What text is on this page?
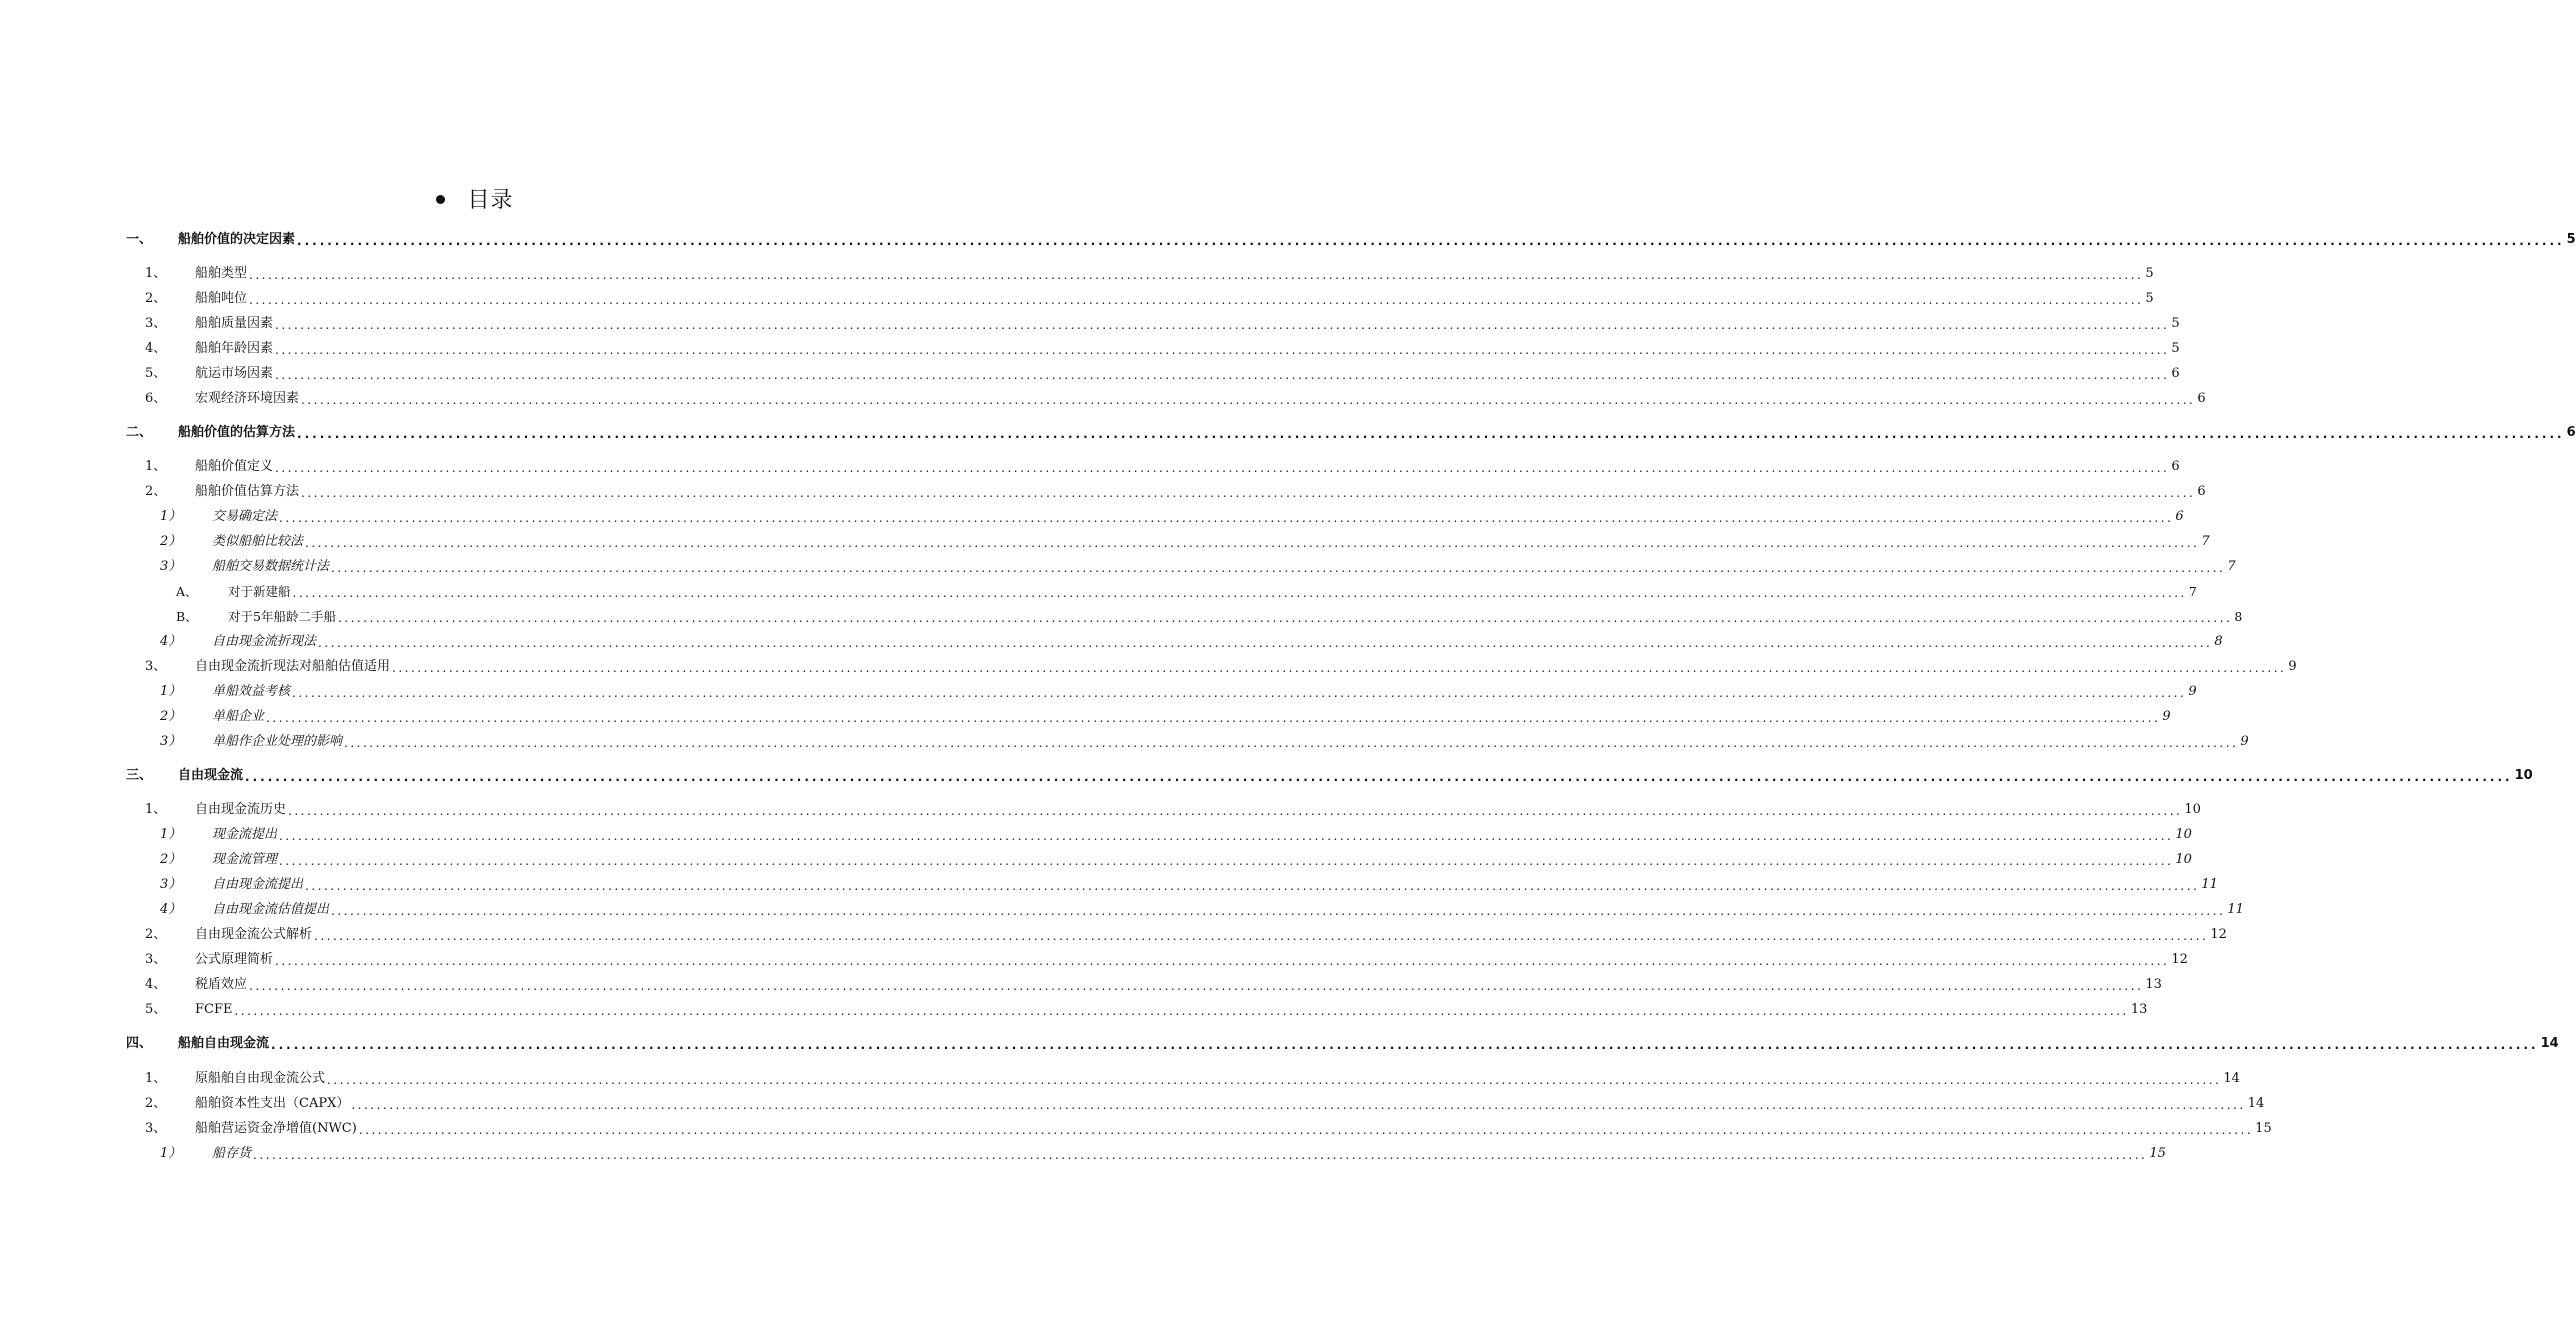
目录
一、	船舶价值的决定因素 ............................................................................................................................................................................................................................................................................................................ 5
1、	船舶类型 ............................................................................................................................................................................................................................................................................................................ 5
2、	船舶吨位 ............................................................................................................................................................................................................................................................................................................ 5
3、	船舶质量因素 ............................................................................................................................................................................................................................................................................................................ 5
4、	船舶年龄因素 ............................................................................................................................................................................................................................................................................................................ 5
5、	航运市场因素 ............................................................................................................................................................................................................................................................................................................ 6
6、	宏观经济环境因素 ............................................................................................................................................................................................................................................................................................................ 6
二、	船舶价值的估算方法 ............................................................................................................................................................................................................................................................................................................ 6
1、	船舶价值定义 ............................................................................................................................................................................................................................................................................................................ 6
2、	船舶价值估算方法 ............................................................................................................................................................................................................................................................................................................ 6
1）	交易确定法 ............................................................................................................................................................................................................................................................................................................ 6
2）	类似船舶比较法 ............................................................................................................................................................................................................................................................................................................ 7
3）	船舶交易数据统计法 ............................................................................................................................................................................................................................................................................................................ 7
A、	对于新建船 ............................................................................................................................................................................................................................................................................................................ 7
B、	对于5年船龄二手船 ............................................................................................................................................................................................................................................................................................................ 8
4）	自由现金流折现法 ............................................................................................................................................................................................................................................................................................................ 8
3、	自由现金流折现法对船舶估值适用 ............................................................................................................................................................................................................................................................................................................ 9
1）	单船效益考核 ............................................................................................................................................................................................................................................................................................................ 9
2）	单船企业 ............................................................................................................................................................................................................................................................................................................ 9
3）	单船作企业处理的影响 ............................................................................................................................................................................................................................................................................................................ 9
三、	自由现金流 ............................................................................................................................................................................................................................................................................................................ 10
1、	自由现金流历史 ............................................................................................................................................................................................................................................................................................................ 10
1）	现金流提出 ............................................................................................................................................................................................................................................................................................................ 10
2）	现金流管理 ............................................................................................................................................................................................................................................................................................................ 10
3）	自由现金流提出 ............................................................................................................................................................................................................................................................................................................ 11
4）	自由现金流估值提出 ............................................................................................................................................................................................................................................................................................................ 11
2、	自由现金流公式解析 ............................................................................................................................................................................................................................................................................................................ 12
3、	公式原理简析 ............................................................................................................................................................................................................................................................................................................ 12
4、	税盾效应 ............................................................................................................................................................................................................................................................................................................ 13
5、	FCFE ............................................................................................................................................................................................................................................................................................................ 13
四、	船舶自由现金流 ............................................................................................................................................................................................................................................................................................................ 14
1、	原船舶自由现金流公式 ............................................................................................................................................................................................................................................................................................................ 14
2、	船舶资本性支出（CAPX） ............................................................................................................................................................................................................................................................................................................ 14
3、	船舶营运资金净增值(NWC) ............................................................................................................................................................................................................................................................................................................ 15
1）	船存货 ............................................................................................................................................................................................................................................................................................................ 15
